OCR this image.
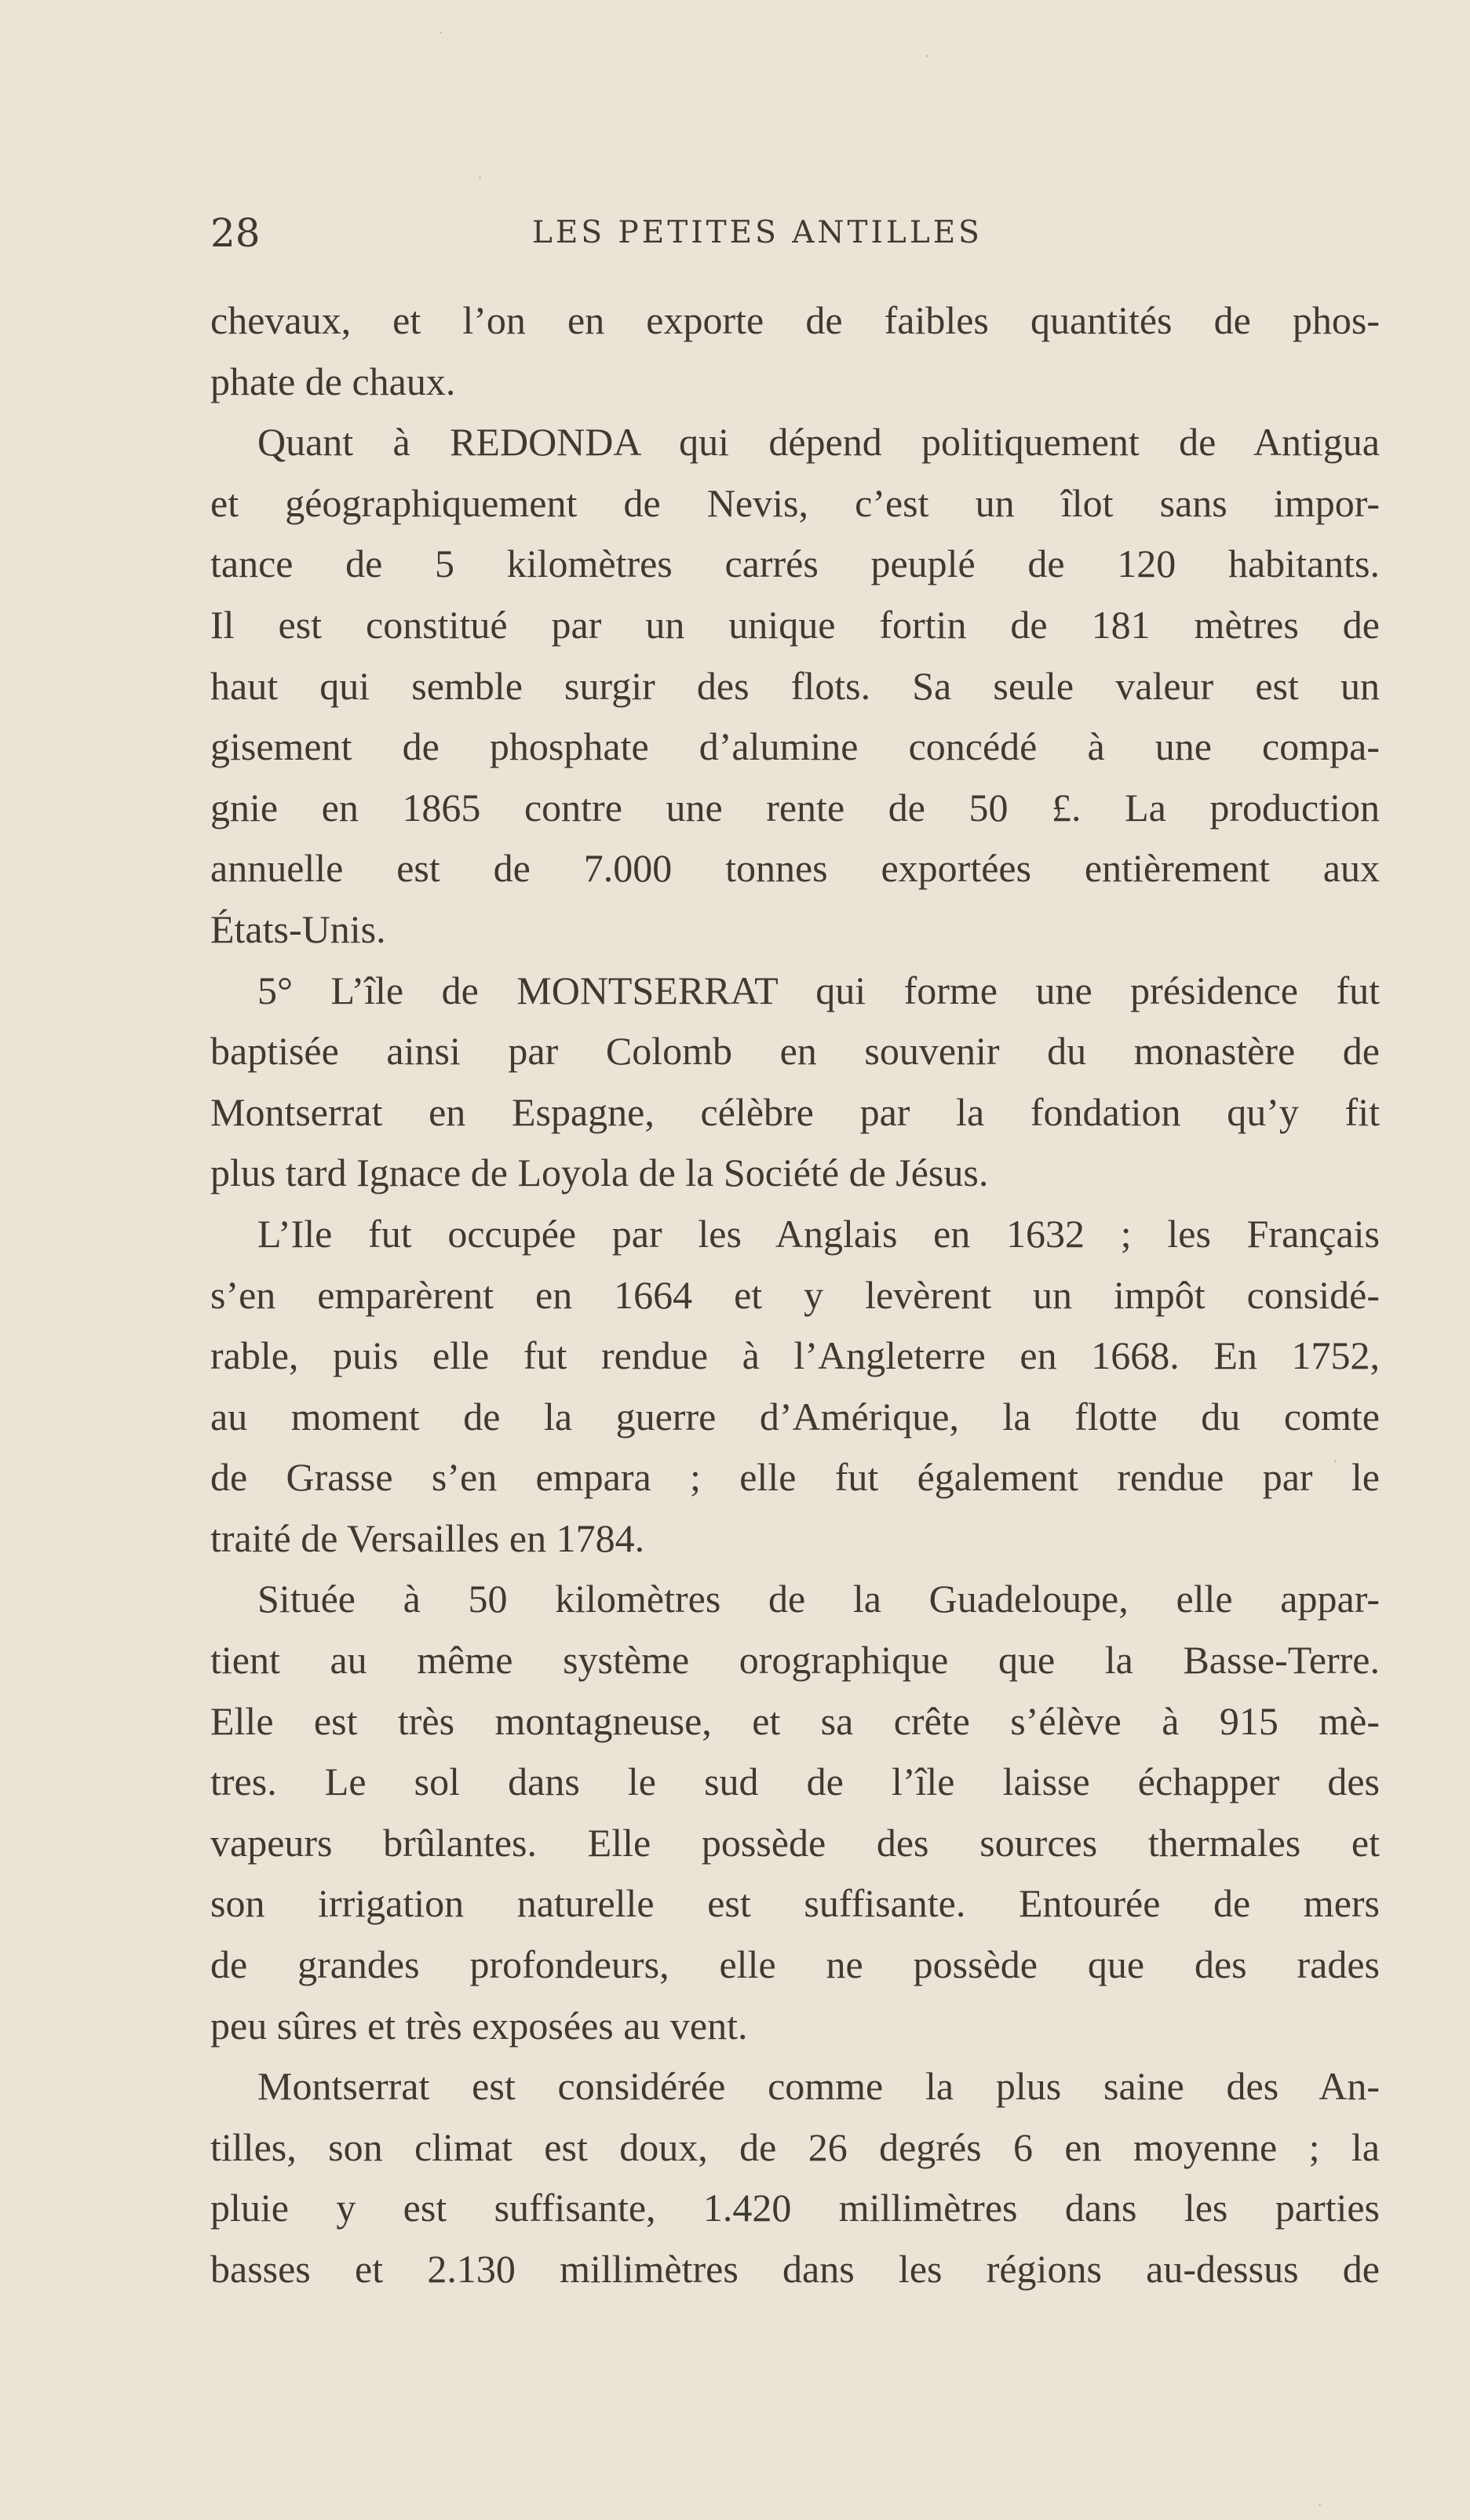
28	LES PETITES ANTILLES
chevaux, et l’on en exporte de faibles quantités de phos-
phate de chaux.
Quant à REDONDA qui dépend politiquement de Antigua
et géographiquement de Nevis, c’est un îlot sans impor-
tance de 5 kilomètres carrés peuplé de 120 habitants.
Il est constitué par un unique fortin de 181 mètres de
haut qui semble surgir des flots. Sa seule valeur est un
gisement de phosphate d’alumine concédé à une compa-
gnie en 1865 contre une rente de 50 £. La production
annuelle est de 7.000 tonnes exportées entièrement aux
États-Unis.
5° L’île de MONTSERRAT qui forme une présidence fut
baptisée ainsi par Colomb en souvenir du monastère de
Montserrat en Espagne, célèbre par la fondation qu’y fit
plus tard Ignace de Loyola de la Société de Jésus.
L’Ile fut occupée par les Anglais en 1632 ; les Français
s’en emparèrent en 1664 et y levèrent un impôt considé-
rable, puis elle fut rendue à l’Angleterre en 1668. En 1752,
au moment de la guerre d’Amérique, la flotte du comte
de Grasse s’en empara ; elle fut également rendue par le
traité de Versailles en 1784.
Située à 50 kilomètres de la Guadeloupe, elle appar-
tient au même système orographique que la Basse-Terre.
Elle est très montagneuse, et sa crête s’élève à 915 mè-
tres. Le sol dans le sud de l’île laisse échapper des
vapeurs brûlantes. Elle possède des sources thermales et
son irrigation naturelle est suffisante. Entourée de mers
de grandes profondeurs, elle ne possède que des rades
peu sûres et très exposées au vent.
Montserrat est considérée comme la plus saine des An-
tilles, son climat est doux, de 26 degrés 6 en moyenne ; la
pluie y est suffisante, 1.420 millimètres dans les parties
basses et 2.130 millimètres dans les régions au-dessus de
